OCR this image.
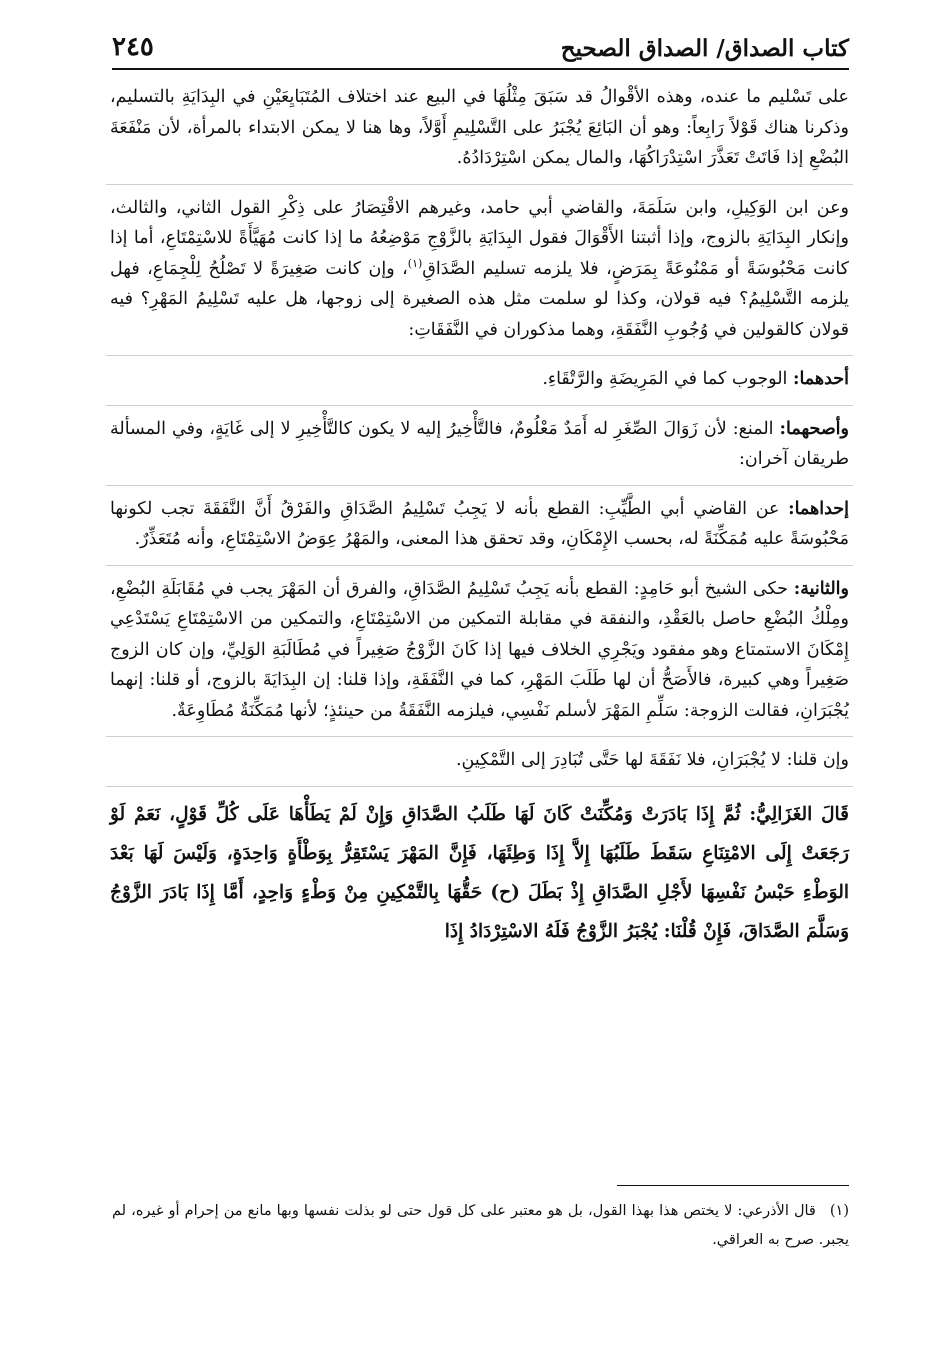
كتاب الصداق/ الصداق الصحيح
٢٤٥

على تَسْليم ما عنده، وهذه الأقْوالُ قد سَبَقَ مِثْلُهَا في البيع عند اختلاف المُتَبَايِعَيْنِ في البِدَايَةِ بالتسليم، وذكرنا هناك قَوْلاً رَابِعاً: وهو أن البَائِعَ يُجْبَرُ على التَّسْلِيمِ أَوَّلاً، وها هنا لا يمكن الابتداء بالمرأة، لأن مَنْفَعَةَ البُضْعِ إذا فَاتَتْ تَعَذَّرَ اسْتِدْرَاكُهَا، والمال يمكن اسْتِرْدَادُهُ.

وعن ابن الوَكِيلِ، وابن سَلَمَةَ، والقاضي أبي حامد، وغيرهم الاقْتِصَارُ على ذِكْرِ القول الثاني، والثالث، وإنكار البِدَايَةِ بالزوج، وإذا أثبتنا الأَقْوَالَ فقول البِدَايَةِ بالزَّوْجِ مَوْضِعُهُ ما إذا كانت مُهَيَّأَةً للاسْتِمْتَاعِ، أما إذا كانت مَحْبُوسَةً أو مَمْنُوعَةً بِمَرَضٍ، فلا يلزمه تسليم الصَّدَاقِ$^{(١)}$، وإن كانت صَغِيرَةً لا تَصْلُحُ لِلْجِمَاعِ، فهل يلزمه التَّسْلِيمُ؟ فيه قولان، وكذا لو سلمت مثل هذه الصغيرة إلى زوجها، هل عليه تَسْلِيمُ المَهْرِ؟ فيه قولان كالقولين في وُجُوبِ النَّفَقَةِ، وهما مذكوران في النَّفَقَاتِ:

أحدهما: الوجوب كما في المَرِيضَةِ والرَّتْقَاءِ.

وأصحهما: المنع: لأن زَوَالَ الصِّغَرِ له أَمَدٌ مَعْلُومٌ، فالتَّأْخِيرُ إليه لا يكون كالتَّأْخِيرِ لا إلى غَايَةٍ، وفي المسألة طريقان آخران:

إحداهما: عن القاضي أبي الطَّيِّبِ: القطع بأنه لا يَجِبُ تَسْلِيمُ الصَّدَاقِ والفَرْقُ أَنَّ النَّفَقَةَ تجب لكونها مَحْبُوسَةً عليه مُمَكِّنَةً له، بحسب الإِمْكَانِ، وقد تحقق هذا المعنى، والمَهْرُ عِوَضُ الاسْتِمْتَاعِ، وأنه مُتَعَذِّرٌ.

والثانية: حكى الشيخ أبو حَامِدٍ: القطع بأنه يَجِبُ تَسْلِيمُ الصَّدَاقِ، والفرق أن المَهْرَ يجب في مُقَابَلَةِ البُضْعِ، ومِلْكُ البُضْعِ حاصل بالعَقْدِ، والنفقة في مقابلة التمكين من الاسْتِمْتَاعِ، والتمكين من الاسْتِمْتَاعِ يَسْتَدْعِي إِمْكَانَ الاستمتاع وهو مفقود ويَجْرِي الخلاف فيها إذا كَانَ الزَّوْجُ صَغِيراً في مُطَالَبَةِ الوَلِيِّ، وإن كان الزوج صَغِيراً وهي كبيرة، فالأَصَحُّ أن لها طَلَبَ المَهْرِ، كما في النَّفَقَةِ، وإذا قلنا: إن البِدَايَةَ بالزوج، أو قلنا: إنهما يُجْبَرَانِ، فقالت الزوجة: سَلِّمِ المَهْرَ لأسلم نَفْسِي، فيلزمه النَّفَقَةُ من حينئذٍ؛ لأنها مُمَكِّنَةٌ مُطَاوِعَةٌ.

وإن قلنا: لا يُجْبَرَانِ، فلا نَفَقَةَ لها حَتَّى تُبَادِرَ إلى التَّمْكِينِ.

قَالَ الغَزَالِيُّ: ثُمَّ إِذَا بَادَرَتْ وَمُكِّنَتْ كَانَ لَهَا طَلَبُ الصَّدَاقِ وَإِنْ لَمْ يَطَأْهَا عَلَى كُلِّ قَوْلٍ، نَعَمْ لَوْ رَجَعَتْ إِلَى الامْتِنَاعِ سَقَطَ طَلَبُهَا إِلاَّ إِذَا وَطِئَهَا، فَإِنَّ المَهْرَ يَسْتَقِرُّ بِوَطْأَةٍ وَاحِدَةٍ، وَلَيْسَ لَهَا بَعْدَ الوَطْءِ حَبْسُ نَفْسِهَا لأَجْلِ الصَّدَاقِ إِذْ بَطَلَ (ح) حَقُّهَا بِالتَّمْكِينِ مِنْ وَطْءٍ وَاحِدٍ، أَمَّا إِذَا بَادَرَ الزَّوْجُ وَسَلَّمَ الصَّدَاقَ، فَإِنْ قُلْنَا: يُجْبَرُ الزَّوْجُ فَلَهُ الاسْتِرْدَادُ إِذَا

(١)قال الأذرعي: لا يختص هذا بهذا القول، بل هو معتبر على كل قول حتى لو بذلت نفسها وبها مانع من إحرام أو غيره، لم يجبر. صرح به العراقي.
